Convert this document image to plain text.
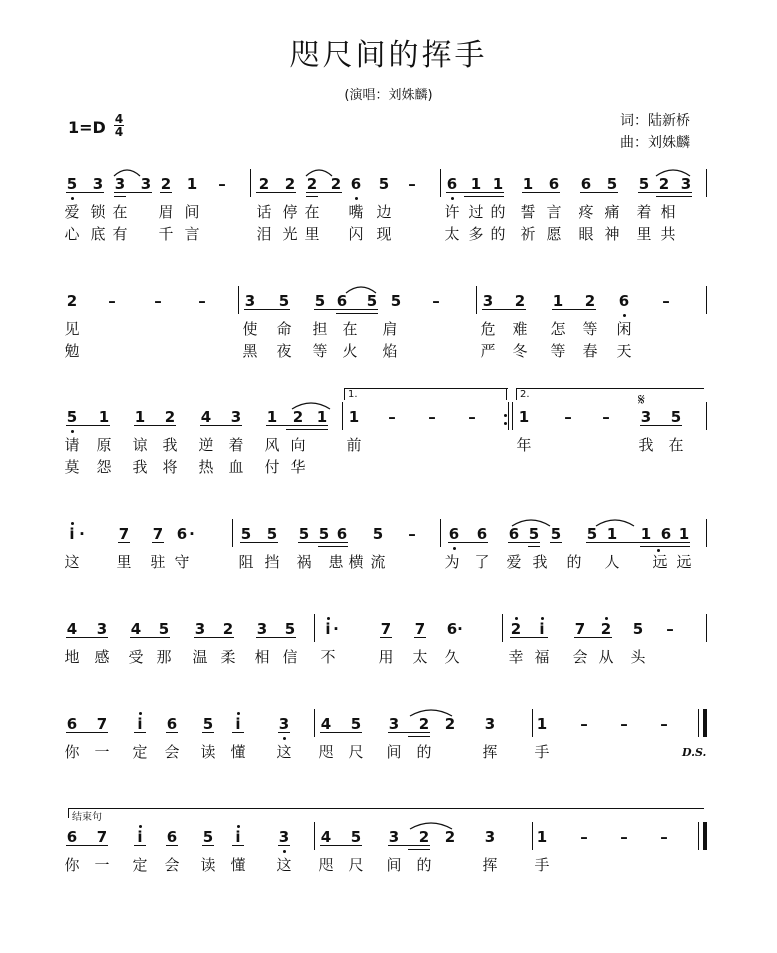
咫尺间的挥手
(演唱：刘姝麟)
1=D 4
4
词：陆新桥
曲：刘姝麟
5 3 3 3 2 1 – 2 2 2 2 6 5 – 6 1 1 1 6 6 5 5 2 3
爱 锁 在 眉 间	话 停 在 嘴 边	许 过 的 誓 言 疼 痛 着 相
心 底 有 千 言	泪 光 里 闪 现	太 多 的 祈 愿 眼 神 里 共
2 –	– –	3 5 5 6 5 5 –	3 2 1 2 6 –
见	使 命 担 在 肩	危 难 怎 等 闲
勉	黑 夜 等 火 焰	严 冬 等 春 天
5 1 1 2 4 3 1 2 1 1 – – –	1 – – 3 5
请 原 谅 我 逆 着 风 向	前	年	我 在
莫 怨 我 将 热 血 付 华
i · 7 7 6 ·	5 5 5 5 6 5 – 6 6 6 5 5 5 1 1 6 1
这 里 驻 守	阻 挡 祸 患 横 流	为 了 爱 我 的 人 远 远
4 3 4 5 3 2 3 5 i ·	7 7 6 ·	2 i 7 2 5 –
地 感 受 那 温 柔 相 信 不	用 太 久	幸 福 会 从 头
6 7 i 6 5 i	3 4 5 3 2 2 3	1 – – –
你 一 定 会 读 懂 这 咫 尺 间 的	挥 手
6 7 i 6 5 i	3 4 5 3 2 2 3	1 – – –
你 一 定 会 读 懂 这 咫 尺 间 的	挥 手
1.	2.	𝄋
D.S.
结束句
